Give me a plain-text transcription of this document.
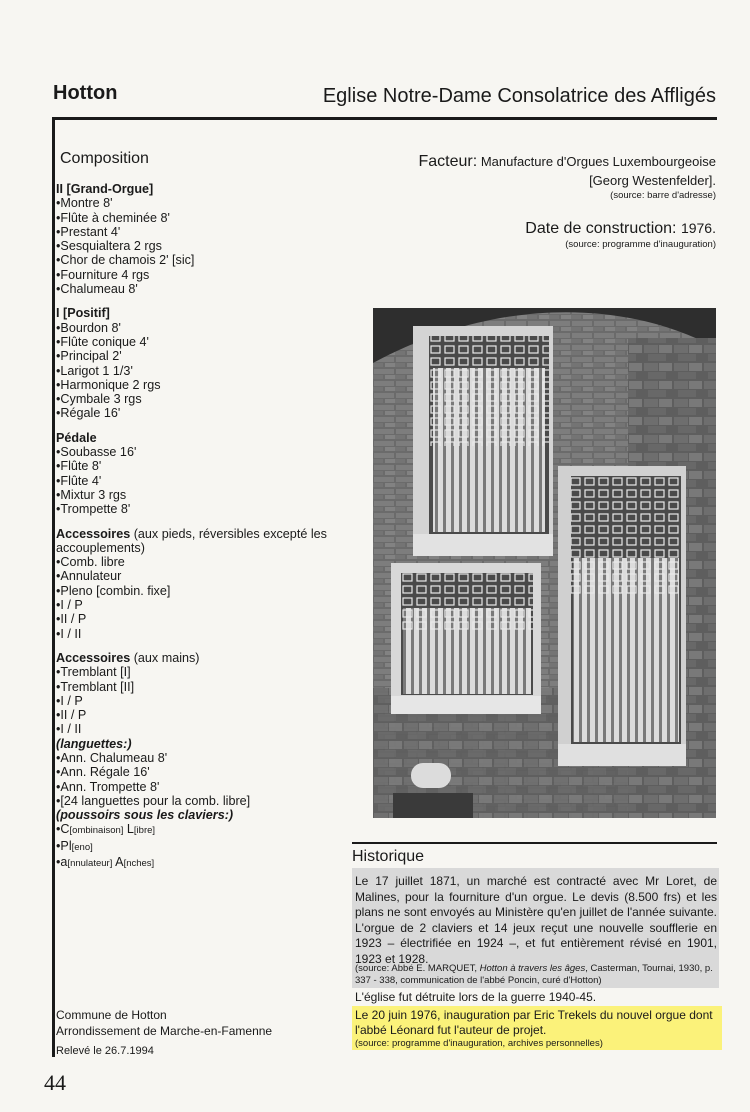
Hotton	Eglise Notre-Dame Consolatrice des Affligés
Composition
II [Grand-Orgue]
• Montre 8'
• Flûte à cheminée 8'
• Prestant 4'
• Sesquialtera 2 rgs
• Chor de chamois 2' [sic]
• Fourniture 4 rgs
• Chalumeau 8'
I [Positif]
• Bourdon 8'
• Flûte conique 4'
• Principal 2'
• Larigot 1 1/3'
• Harmonique 2 rgs
• Cymbale 3 rgs
• Régale 16'
Pédale
• Soubasse 16'
• Flûte 8'
• Flûte 4'
• Mixtur 3 rgs
• Trompette 8'
Accessoires (aux pieds, réversibles excepté les accouplements)
• Comb. libre
• Annulateur
• Pleno [combin. fixe]
• I / P
• II / P
• I / II
Accessoires (aux mains)
• Tremblant [I]
• Tremblant [II]
• I / P
• II / P
• I / II
(languettes:)
• Ann. Chalumeau 8'
• Ann. Régale 16'
• Ann. Trompette 8'
• [24 languettes pour la comb. libre]
(poussoirs sous les claviers:)
• C[ombinaison] L[ibre]
• Pl[eno]
• a[nnulateur] A[nches]
Facteur: Manufacture d'Orgues Luxembourgeoise
[Georg Westenfelder].
(source: barre d'adresse)
Date de construction: 1976.
(source: programme d'inauguration)
Historique
Le 17 juillet 1871, un marché est contracté avec Mr Loret, de Malines, pour la fourniture d'un orgue. Le devis (8.500 frs) et les plans ne sont envoyés au Ministère qu'en juillet de l'année suivante. L'orgue de 2 claviers et 14 jeux reçut une nouvelle soufflerie en 1923 – électrifiée en 1924 –, et fut entièrement révisé en 1901, 1923 et 1928.
(source: Abbé E. MARQUET, Hotton à travers les âges, Casterman, Tournai, 1930, p. 337 - 338, communication de l'abbé Poncin, curé d'Hotton)
L'église fut détruite lors de la guerre 1940-45.
Le 20 juin 1976, inauguration par Eric Trekels du nouvel orgue dont l'abbé Léonard fut l'auteur de projet.
(source: programme d'inauguration, archives personnelles)
Commune de Hotton
Arrondissement de Marche-en-Famenne
Relevé le 26.7.1994
44
